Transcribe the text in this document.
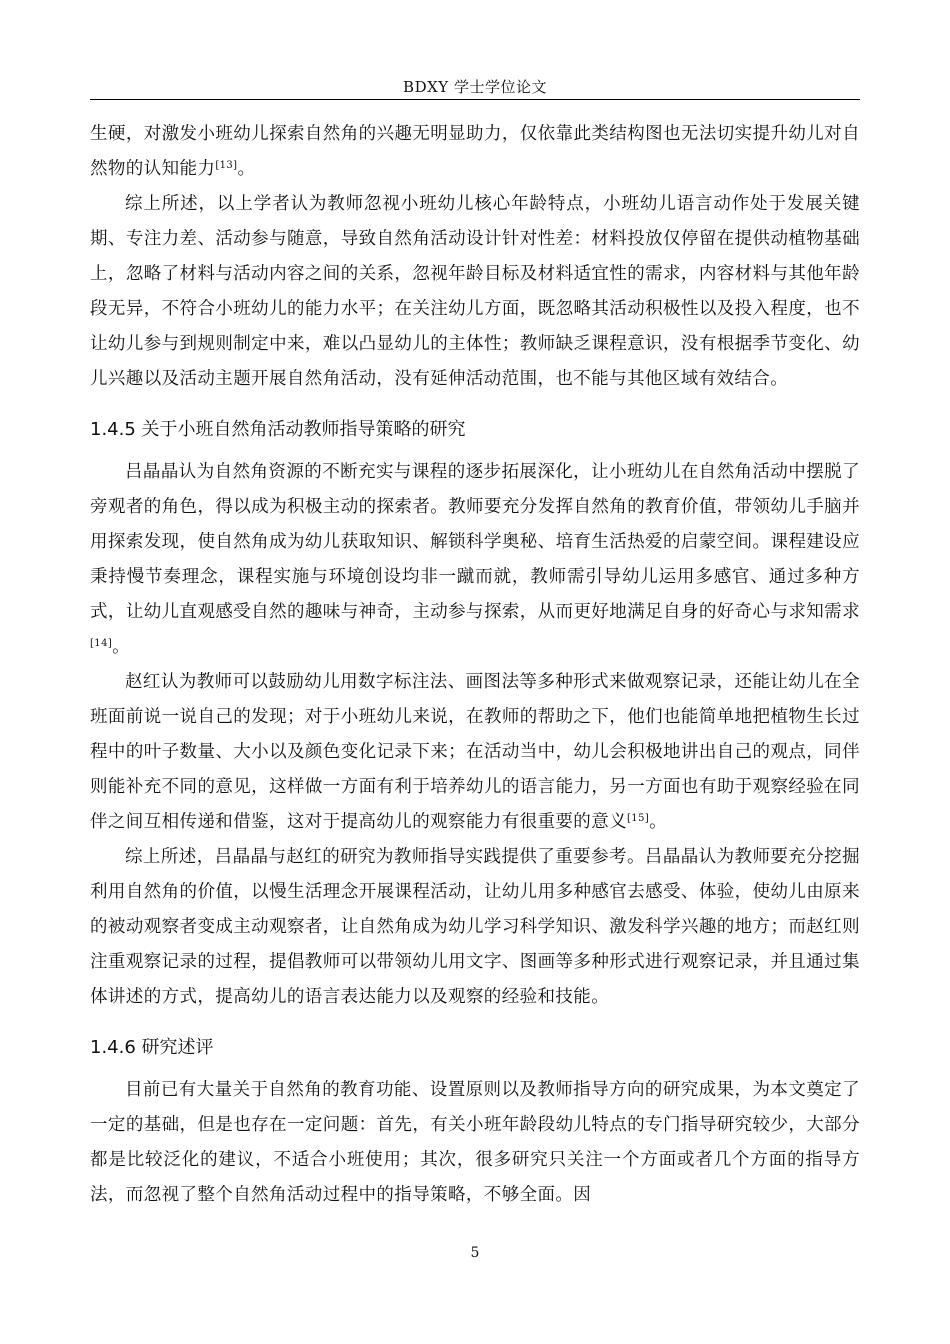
BDXY 学士学位论文

生硬，对激发小班幼儿探索自然角的兴趣无明显助力，仅依靠此类结构图也无法切实提升幼儿对自然物的认知能力[13]。

综上所述，以上学者认为教师忽视小班幼儿核心年龄特点，小班幼儿语言动作处于发展关键期、专注力差、活动参与随意，导致自然角活动设计针对性差：材料投放仅停留在提供动植物基础上，忽略了材料与活动内容之间的关系，忽视年龄目标及材料适宜性的需求，内容材料与其他年龄段无异，不符合小班幼儿的能力水平；在关注幼儿方面，既忽略其活动积极性以及投入程度，也不让幼儿参与到规则制定中来，难以凸显幼儿的主体性；教师缺乏课程意识，没有根据季节变化、幼儿兴趣以及活动主题开展自然角活动，没有延伸活动范围，也不能与其他区域有效结合。

1.4.5 关于小班自然角活动教师指导策略的研究

吕晶晶认为自然角资源的不断充实与课程的逐步拓展深化，让小班幼儿在自然角活动中摆脱了旁观者的角色，得以成为积极主动的探索者。教师要充分发挥自然角的教育价值，带领幼儿手脑并用探索发现，使自然角成为幼儿获取知识、解锁科学奥秘、培育生活热爱的启蒙空间。课程建设应秉持慢节奏理念，课程实施与环境创设均非一蹴而就，教师需引导幼儿运用多感官、通过多种方式，让幼儿直观感受自然的趣味与神奇，主动参与探索，从而更好地满足自身的好奇心与求知需求[14]。

赵红认为教师可以鼓励幼儿用数字标注法、画图法等多种形式来做观察记录，还能让幼儿在全班面前说一说自己的发现；对于小班幼儿来说，在教师的帮助之下，他们也能简单地把植物生长过程中的叶子数量、大小以及颜色变化记录下来；在活动当中，幼儿会积极地讲出自己的观点，同伴则能补充不同的意见，这样做一方面有利于培养幼儿的语言能力，另一方面也有助于观察经验在同伴之间互相传递和借鉴，这对于提高幼儿的观察能力有很重要的意义[15]。

综上所述，吕晶晶与赵红的研究为教师指导实践提供了重要参考。吕晶晶认为教师要充分挖掘利用自然角的价值，以慢生活理念开展课程活动，让幼儿用多种感官去感受、体验，使幼儿由原来的被动观察者变成主动观察者，让自然角成为幼儿学习科学知识、激发科学兴趣的地方；而赵红则注重观察记录的过程，提倡教师可以带领幼儿用文字、图画等多种形式进行观察记录，并且通过集体讲述的方式，提高幼儿的语言表达能力以及观察的经验和技能。

1.4.6 研究述评

目前已有大量关于自然角的教育功能、设置原则以及教师指导方向的研究成果，为本文奠定了一定的基础，但是也存在一定问题：首先，有关小班年龄段幼儿特点的专门指导研究较少，大部分都是比较泛化的建议，不适合小班使用；其次，很多研究只关注一个方面或者几个方面的指导方法，而忽视了整个自然角活动过程中的指导策略，不够全面。因

5
